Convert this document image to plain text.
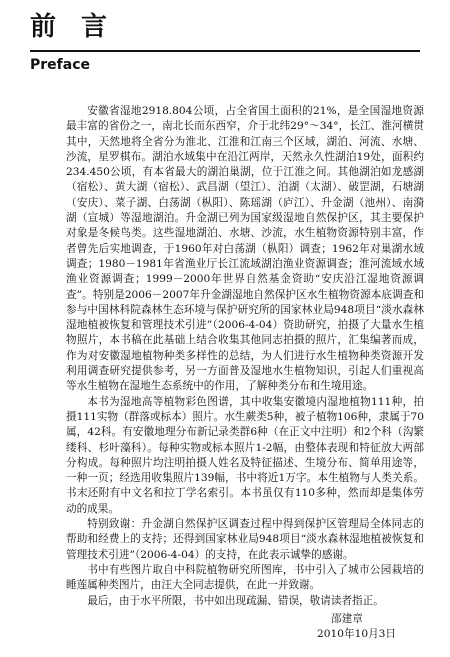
前 言
Preface

安徽省湿地2918.804公顷，占全省国土面积的21%，是全国湿地资源最丰富的省份之一，南北长而东西窄，介于北纬29°～34°，长江、淮河横贯其中，天然地将全省分为淮北、江淮和江南三个区域，湖泊、河流、水塘、沙流，星罗棋布。湖泊水域集中在沿江两岸，天然永久性湖泊19处，面积约234.450公顷，有本省最大的湖泊巢湖，位于江淮之间。其他湖泊如龙感湖（宿松）、黄大湖（宿松）、武昌湖（望江）、泊湖（太湖）、破罡湖，石塘湖（安庆）、菜子湖、白荡湖（枞阳）、陈瑶湖（庐江）、升金湖（池州）、南漪湖（宣城）等湿地湖泊。升金湖已列为国家级湿地自然保护区，其主要保护对象是冬候鸟类。这些湿地湖泊、水塘、沙流，水生植物资源特别丰富，作者曾先后实地调查，于1960年对白荡湖（枞阳）调查；1962年对巢湖水域调查；1980－1981年省渔业厅长江流域湖泊渔业资源调查；淮河流域水域渔业资源调查；1999－2000年世界自然基金资助“安庆沿江湿地资源调查”。特别是2006－2007年升金湖湿地自然保护区水生植物资源本底调查和参与中国林科院森林生态环境与保护研究所的国家林业局948项目“淡水森林湿地植被恢复和管理技术引进”（2006-4-04）资助研究，拍摄了大量水生植物照片，本书稿在此基础上结合收集其他同志拍摄的照片，汇集编著而成，作为对安徽湿地植物种类多样性的总结，为人们进行水生植物种类资源开发利用调查研究提供参考，另一方面普及湿地水生植物知识，引起人们重视高等水生植物在湿地生态系统中的作用，了解种类分布和生境用途。

本书为湿地高等植物彩色图谱，其中收集安徽境内湿地植物111种，拍摄111实物（群落或标本）照片。水生蕨类5种，被子植物106种，隶属于70属，42科。有安徽地理分布新记录类群6种（在正文中注明）和2个科（沟繁缕科、杉叶藻科）。每种实物或标本照片1-2幅，由整体表现和特征放大两部分构成。每种照片均注明拍摄人姓名及特征描述、生境分布、简单用途等，一种一页；经选用收集照片139幅，书中将近1万字。本生植物与人类关系。书末还附有中文名和拉丁学名索引。本书虽仅有110多种，然而却是集体劳动的成果。

特别致谢：升金湖自然保护区调查过程中得到保护区管理局全体同志的帮助和经费上的支持；还得到国家林业局948项目“淡水森林湿地植被恢复和管理技术引进”（2006-4-04）的支持，在此表示诚挚的感谢。

书中有些图片取自中科院植物研究所图库，书中引入了城市公园栽培的睡莲属种类图片，由汪大全同志提供，在此一并致谢。

最后，由于水平所限，书中如出现疏漏、错误，敬请读者指正。

邵建章
2010年10月3日
